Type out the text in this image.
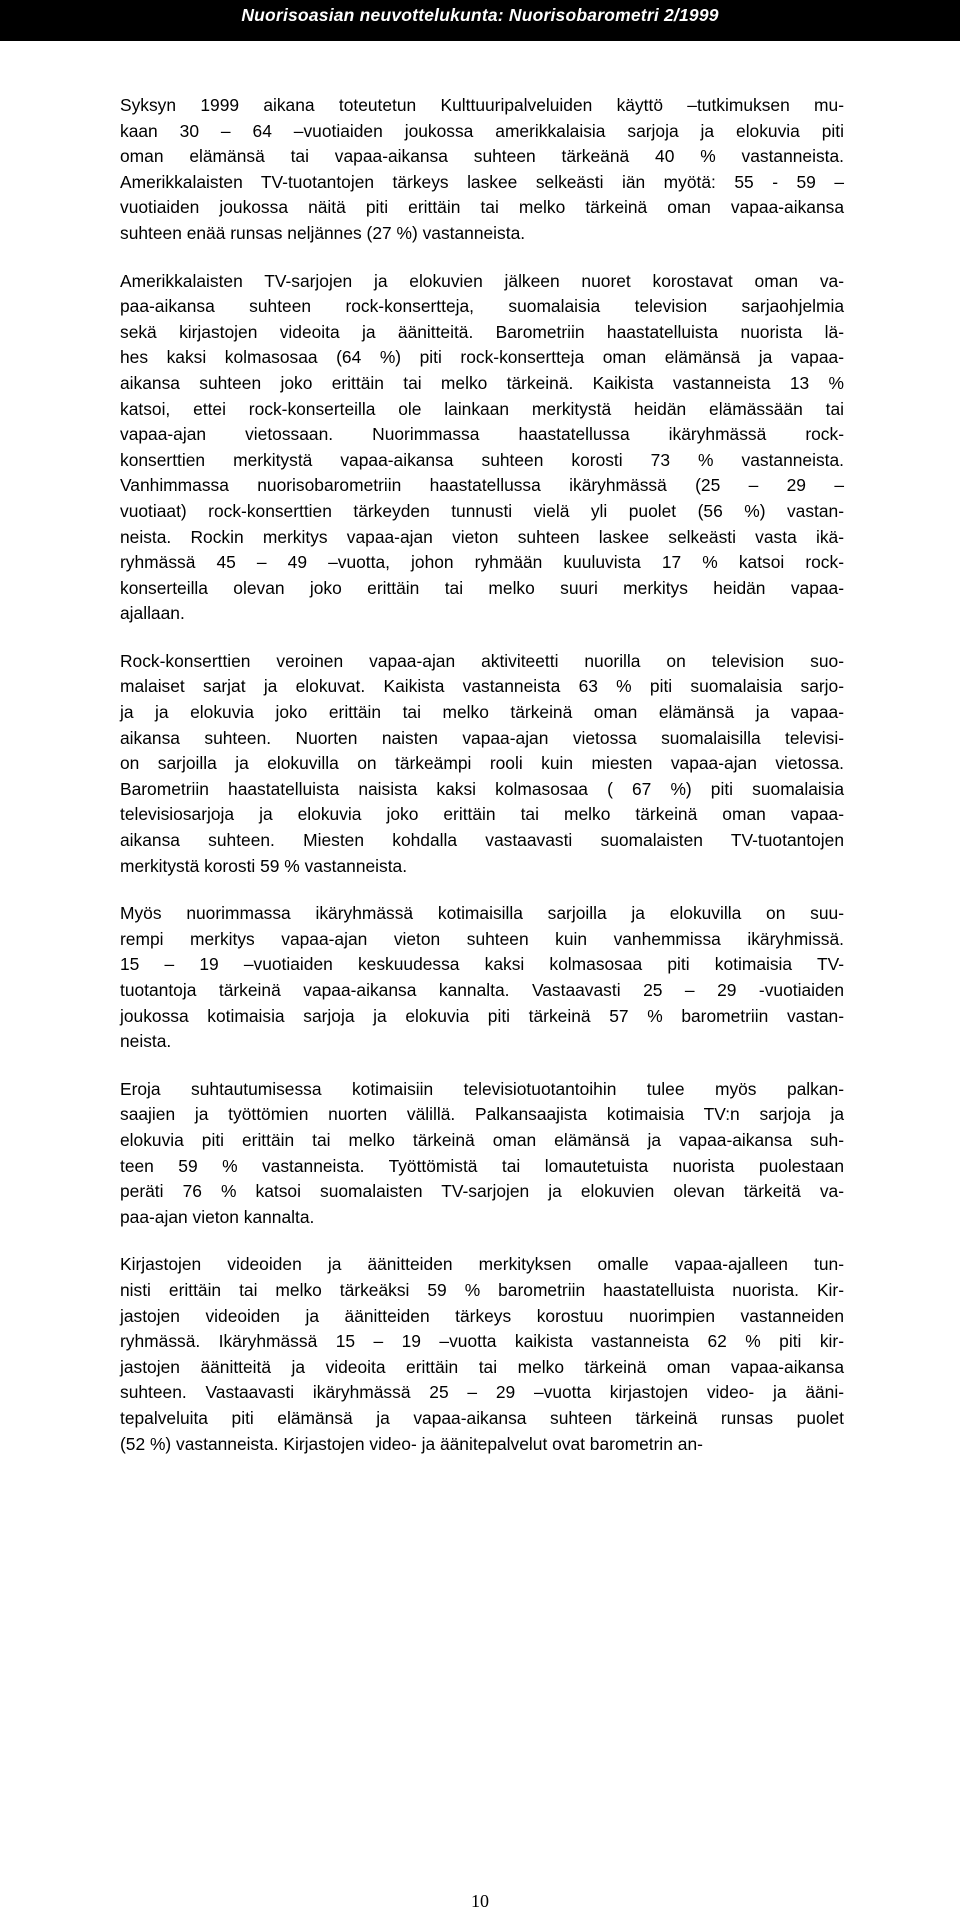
Nuorisoasian neuvottelukunta: Nuorisobarometri 2/1999
Syksyn 1999 aikana toteutetun Kulttuuripalveluiden käyttö –tutkimuksen mu-
kaan 30 – 64 –vuotiaiden joukossa amerikkalaisia sarjoja ja elokuvia piti
oman elämänsä tai vapaa-aikansa suhteen tärkeänä 40 % vastanneista.
Amerikkalaisten TV-tuotantojen tärkeys laskee selkeästi iän myötä: 55 - 59 –
vuotiaiden joukossa näitä piti erittäin tai melko tärkeinä oman vapaa-aikansa
suhteen enää runsas neljännes (27 %) vastanneista.
Amerikkalaisten TV-sarjojen ja elokuvien jälkeen nuoret korostavat oman va-
paa-aikansa suhteen rock-konsertteja, suomalaisia television sarjaohjelmia
sekä kirjastojen videoita ja äänitteitä. Barometriin haastatelluista nuorista lä-
hes kaksi kolmasosaa (64 %) piti rock-konsertteja oman elämänsä ja vapaa-
aikansa suhteen joko erittäin tai melko tärkeinä. Kaikista vastanneista 13 %
katsoi, ettei rock-konserteilla ole lainkaan merkitystä heidän elämässään tai
vapaa-ajan vietossaan. Nuorimmassa haastatellussa ikäryhmässä rock-
konserttien merkitystä vapaa-aikansa suhteen korosti 73 % vastanneista.
Vanhimmassa nuorisobarometriin haastatellussa ikäryhmässä (25 – 29 –
vuotiaat) rock-konserttien tärkeyden tunnusti vielä yli puolet (56 %) vastan-
neista. Rockin merkitys vapaa-ajan vieton suhteen laskee selkeästi vasta ikä-
ryhmässä 45 – 49 –vuotta, johon ryhmään kuuluvista 17 % katsoi rock-
konserteilla olevan joko erittäin tai melko suuri merkitys heidän vapaa-
ajallaan.
Rock-konserttien veroinen vapaa-ajan aktiviteetti nuorilla on television suo-
malaiset sarjat ja elokuvat. Kaikista vastanneista 63 % piti suomalaisia sarjo-
ja ja elokuvia joko erittäin tai melko tärkeinä oman elämänsä ja vapaa-
aikansa suhteen. Nuorten naisten vapaa-ajan vietossa suomalaisilla televisi-
on sarjoilla ja elokuvilla on tärkeämpi rooli kuin miesten vapaa-ajan vietossa.
Barometriin haastatelluista naisista kaksi kolmasosaa ( 67 %) piti suomalaisia
televisiosarjoja ja elokuvia joko erittäin tai melko tärkeinä oman vapaa-
aikansa suhteen. Miesten kohdalla vastaavasti suomalaisten TV-tuotantojen
merkitystä korosti 59 % vastanneista.
Myös nuorimmassa ikäryhmässä kotimaisilla sarjoilla ja elokuvilla on suu-
rempi merkitys vapaa-ajan vieton suhteen kuin vanhemmissa ikäryhmissä.
15 – 19 –vuotiaiden keskuudessa kaksi kolmasosaa piti kotimaisia TV-
tuotantoja tärkeinä vapaa-aikansa kannalta. Vastaavasti 25 – 29 -vuotiaiden
joukossa kotimaisia sarjoja ja elokuvia piti tärkeinä 57 % barometriin vastan-
neista.
Eroja suhtautumisessa kotimaisiin televisiotuotantoihin tulee myös palkan-
saajien ja työttömien nuorten välillä. Palkansaajista kotimaisia TV:n sarjoja ja
elokuvia piti erittäin tai melko tärkeinä oman elämänsä ja vapaa-aikansa suh-
teen 59 % vastanneista. Työttömistä tai lomautetuista nuorista puolestaan
peräti 76 % katsoi suomalaisten TV-sarjojen ja elokuvien olevan tärkeitä va-
paa-ajan vieton kannalta.
Kirjastojen videoiden ja äänitteiden merkityksen omalle vapaa-ajalleen tun-
nisti erittäin tai melko tärkeäksi 59 % barometriin haastatelluista nuorista. Kir-
jastojen videoiden ja äänitteiden tärkeys korostuu nuorimpien vastanneiden
ryhmässä. Ikäryhmässä 15 – 19 –vuotta kaikista vastanneista 62 % piti kir-
jastojen äänitteitä ja videoita erittäin tai melko tärkeinä oman vapaa-aikansa
suhteen. Vastaavasti ikäryhmässä 25 – 29 –vuotta kirjastojen video- ja ääni-
tepalveluita piti elämänsä ja vapaa-aikansa suhteen tärkeinä runsas puolet
(52 %) vastanneista. Kirjastojen video- ja äänitepalvelut ovat barometrin an-
10
